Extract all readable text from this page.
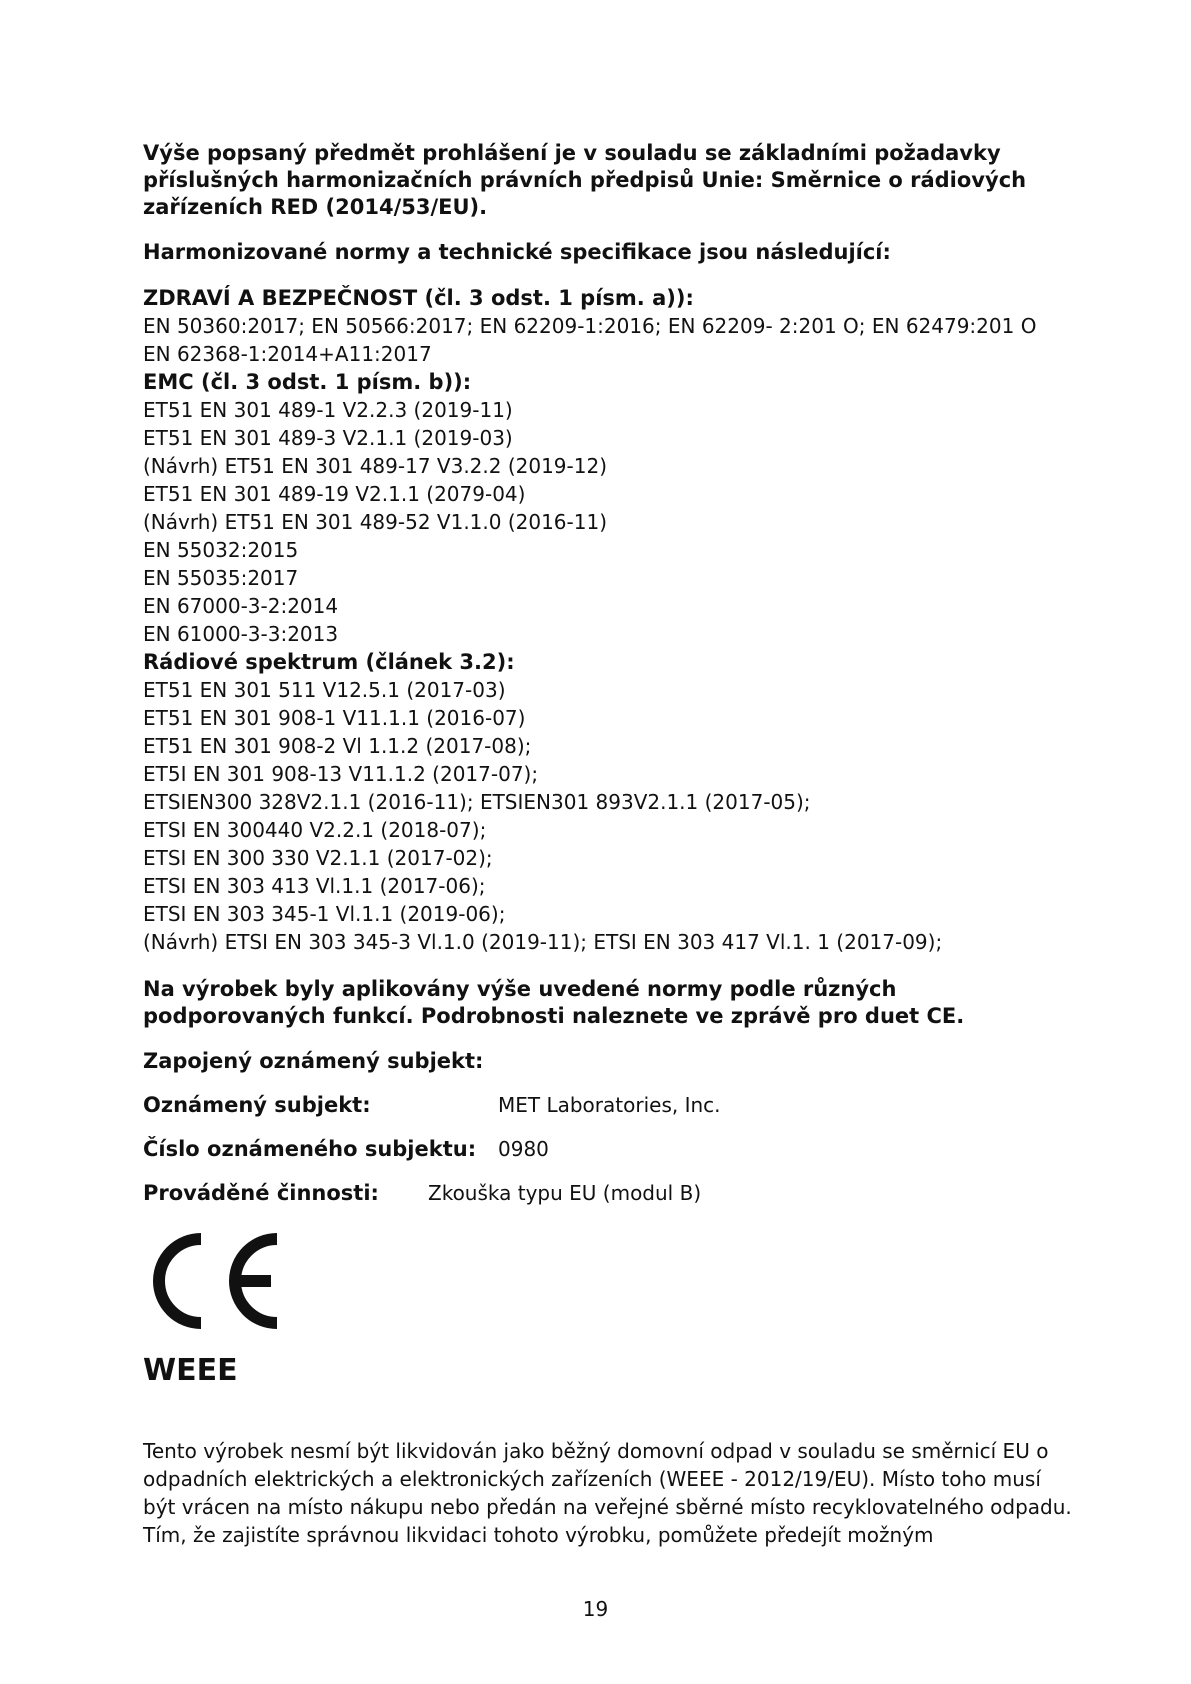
Výše popsaný předmět prohlášení je v souladu se základními požadavky příslušných harmonizačních právních předpisů Unie: Směrnice o rádiových zařízeních RED (2014/53/EU).

Harmonizované normy a technické specifikace jsou následující:

ZDRAVÍ A BEZPEČNOST (čl. 3 odst. 1 písm. a)):
EN 50360:2017; EN 50566:2017; EN 62209-1:2016; EN 62209- 2:201 O; EN 62479:201 O
EN 62368-1:2014+A11:2017
EMC (čl. 3 odst. 1 písm. b)):
ET51 EN 301 489-1 V2.2.3 (2019-11)
ET51 EN 301 489-3 V2.1.1 (2019-03)
(Návrh) ET51 EN 301 489-17 V3.2.2 (2019-12)
ET51 EN 301 489-19 V2.1.1 (2079-04)
(Návrh) ET51 EN 301 489-52 V1.1.0 (2016-11)
EN 55032:2015
EN 55035:2017
EN 67000-3-2:2014
EN 61000-3-3:2013
Rádiové spektrum (článek 3.2):
ET51 EN 301 511 V12.5.1 (2017-03)
ET51 EN 301 908-1 V11.1.1 (2016-07)
ET51 EN 301 908-2 Vl 1.1.2 (2017-08);
ET5I EN 301 908-13 V11.1.2 (2017-07);
ETSIEN300 328V2.1.1 (2016-11); ETSIEN301 893V2.1.1 (2017-05);
ETSI EN 300440 V2.2.1 (2018-07);
ETSI EN 300 330 V2.1.1 (2017-02);
ETSI EN 303 413 Vl.1.1 (2017-06);
ETSI EN 303 345-1 Vl.1.1 (2019-06);
(Návrh) ETSI EN 303 345-3 Vl.1.0 (2019-11); ETSI EN 303 417 Vl.1. 1 (2017-09);

Na výrobek byly aplikovány výše uvedené normy podle různých podporovaných funkcí. Podrobnosti naleznete ve zprávě pro duet CE.

Zapojený oznámený subjekt:

Oznámený subjekt:	MET Laboratories, Inc.
Číslo oznámeného subjektu: 0980
Prováděné činnosti: Zkouška typu EU (modul B)
WEEE

Tento výrobek nesmí být likvidován jako běžný domovní odpad v souladu se směrnicí EU o odpadních elektrických a elektronických zařízeních (WEEE - 2012/19/EU). Místo toho musí být vrácen na místo nákupu nebo předán na veřejné sběrné místo recyklovatelného odpadu. Tím, že zajistíte správnou likvidaci tohoto výrobku, pomůžete předejít možným

19
